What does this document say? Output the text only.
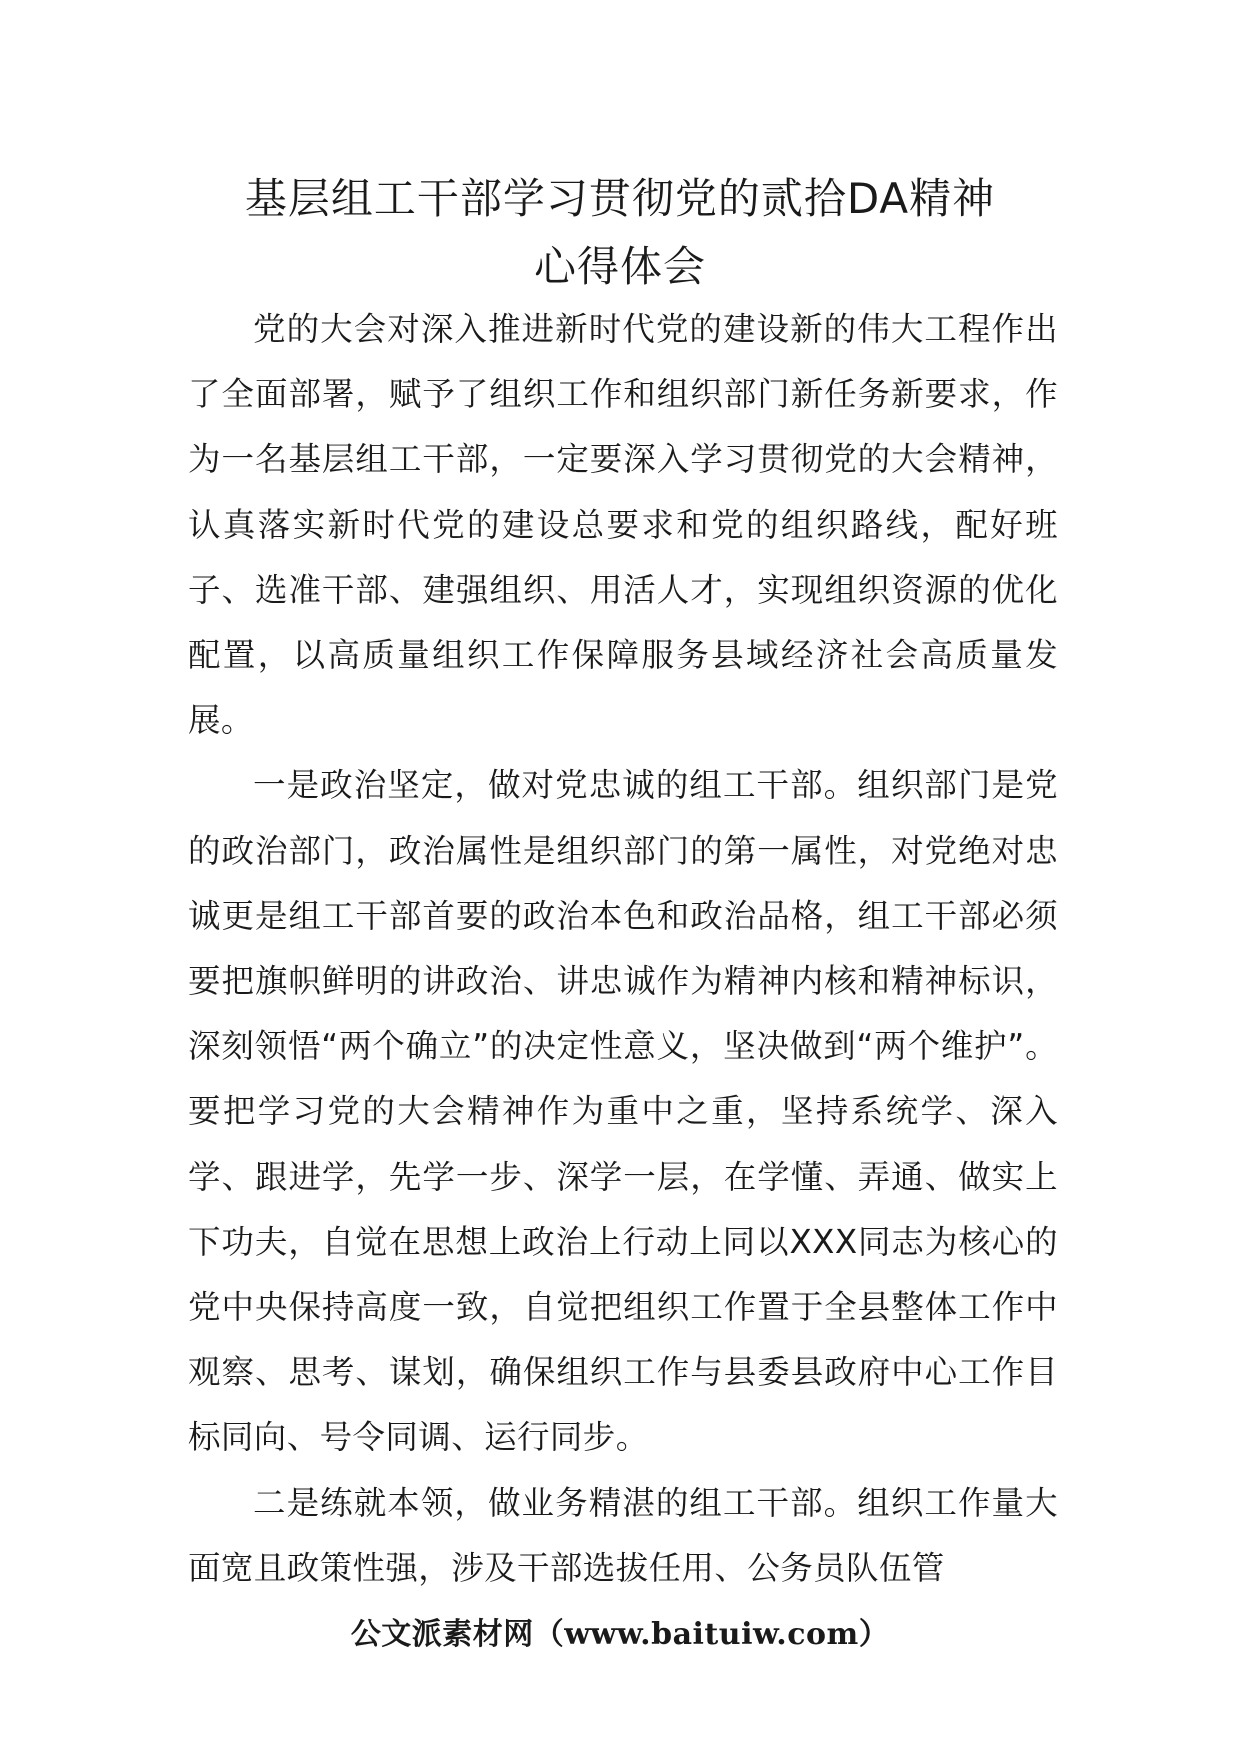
基层组工干部学习贯彻党的贰拾DA精神
心得体会

党的大会对深入推进新时代党的建设新的伟大工程作出了全面部署，赋予了组织工作和组织部门新任务新要求，作为一名基层组工干部，一定要深入学习贯彻党的大会精神，认真落实新时代党的建设总要求和党的组织路线，配好班子、选准干部、建强组织、用活人才，实现组织资源的优化配置，以高质量组织工作保障服务县域经济社会高质量发展。

一是政治坚定，做对党忠诚的组工干部。组织部门是党的政治部门，政治属性是组织部门的第一属性，对党绝对忠诚更是组工干部首要的政治本色和政治品格，组工干部必须要把旗帜鲜明的讲政治、讲忠诚作为精神内核和精神标识，深刻领悟“两个确立”的决定性意义，坚决做到“两个维护”。要把学习党的大会精神作为重中之重，坚持系统学、深入学、跟进学，先学一步、深学一层，在学懂、弄通、做实上下功夫，自觉在思想上政治上行动上同以XXX同志为核心的党中央保持高度一致，自觉把组织工作置于全县整体工作中观察、思考、谋划，确保组织工作与县委县政府中心工作目标同向、号令同调、运行同步。

二是练就本领，做业务精湛的组工干部。组织工作量大面宽且政策性强，涉及干部选拔任用、公务员队伍管

公文派素材网（www.baituiw.com）
